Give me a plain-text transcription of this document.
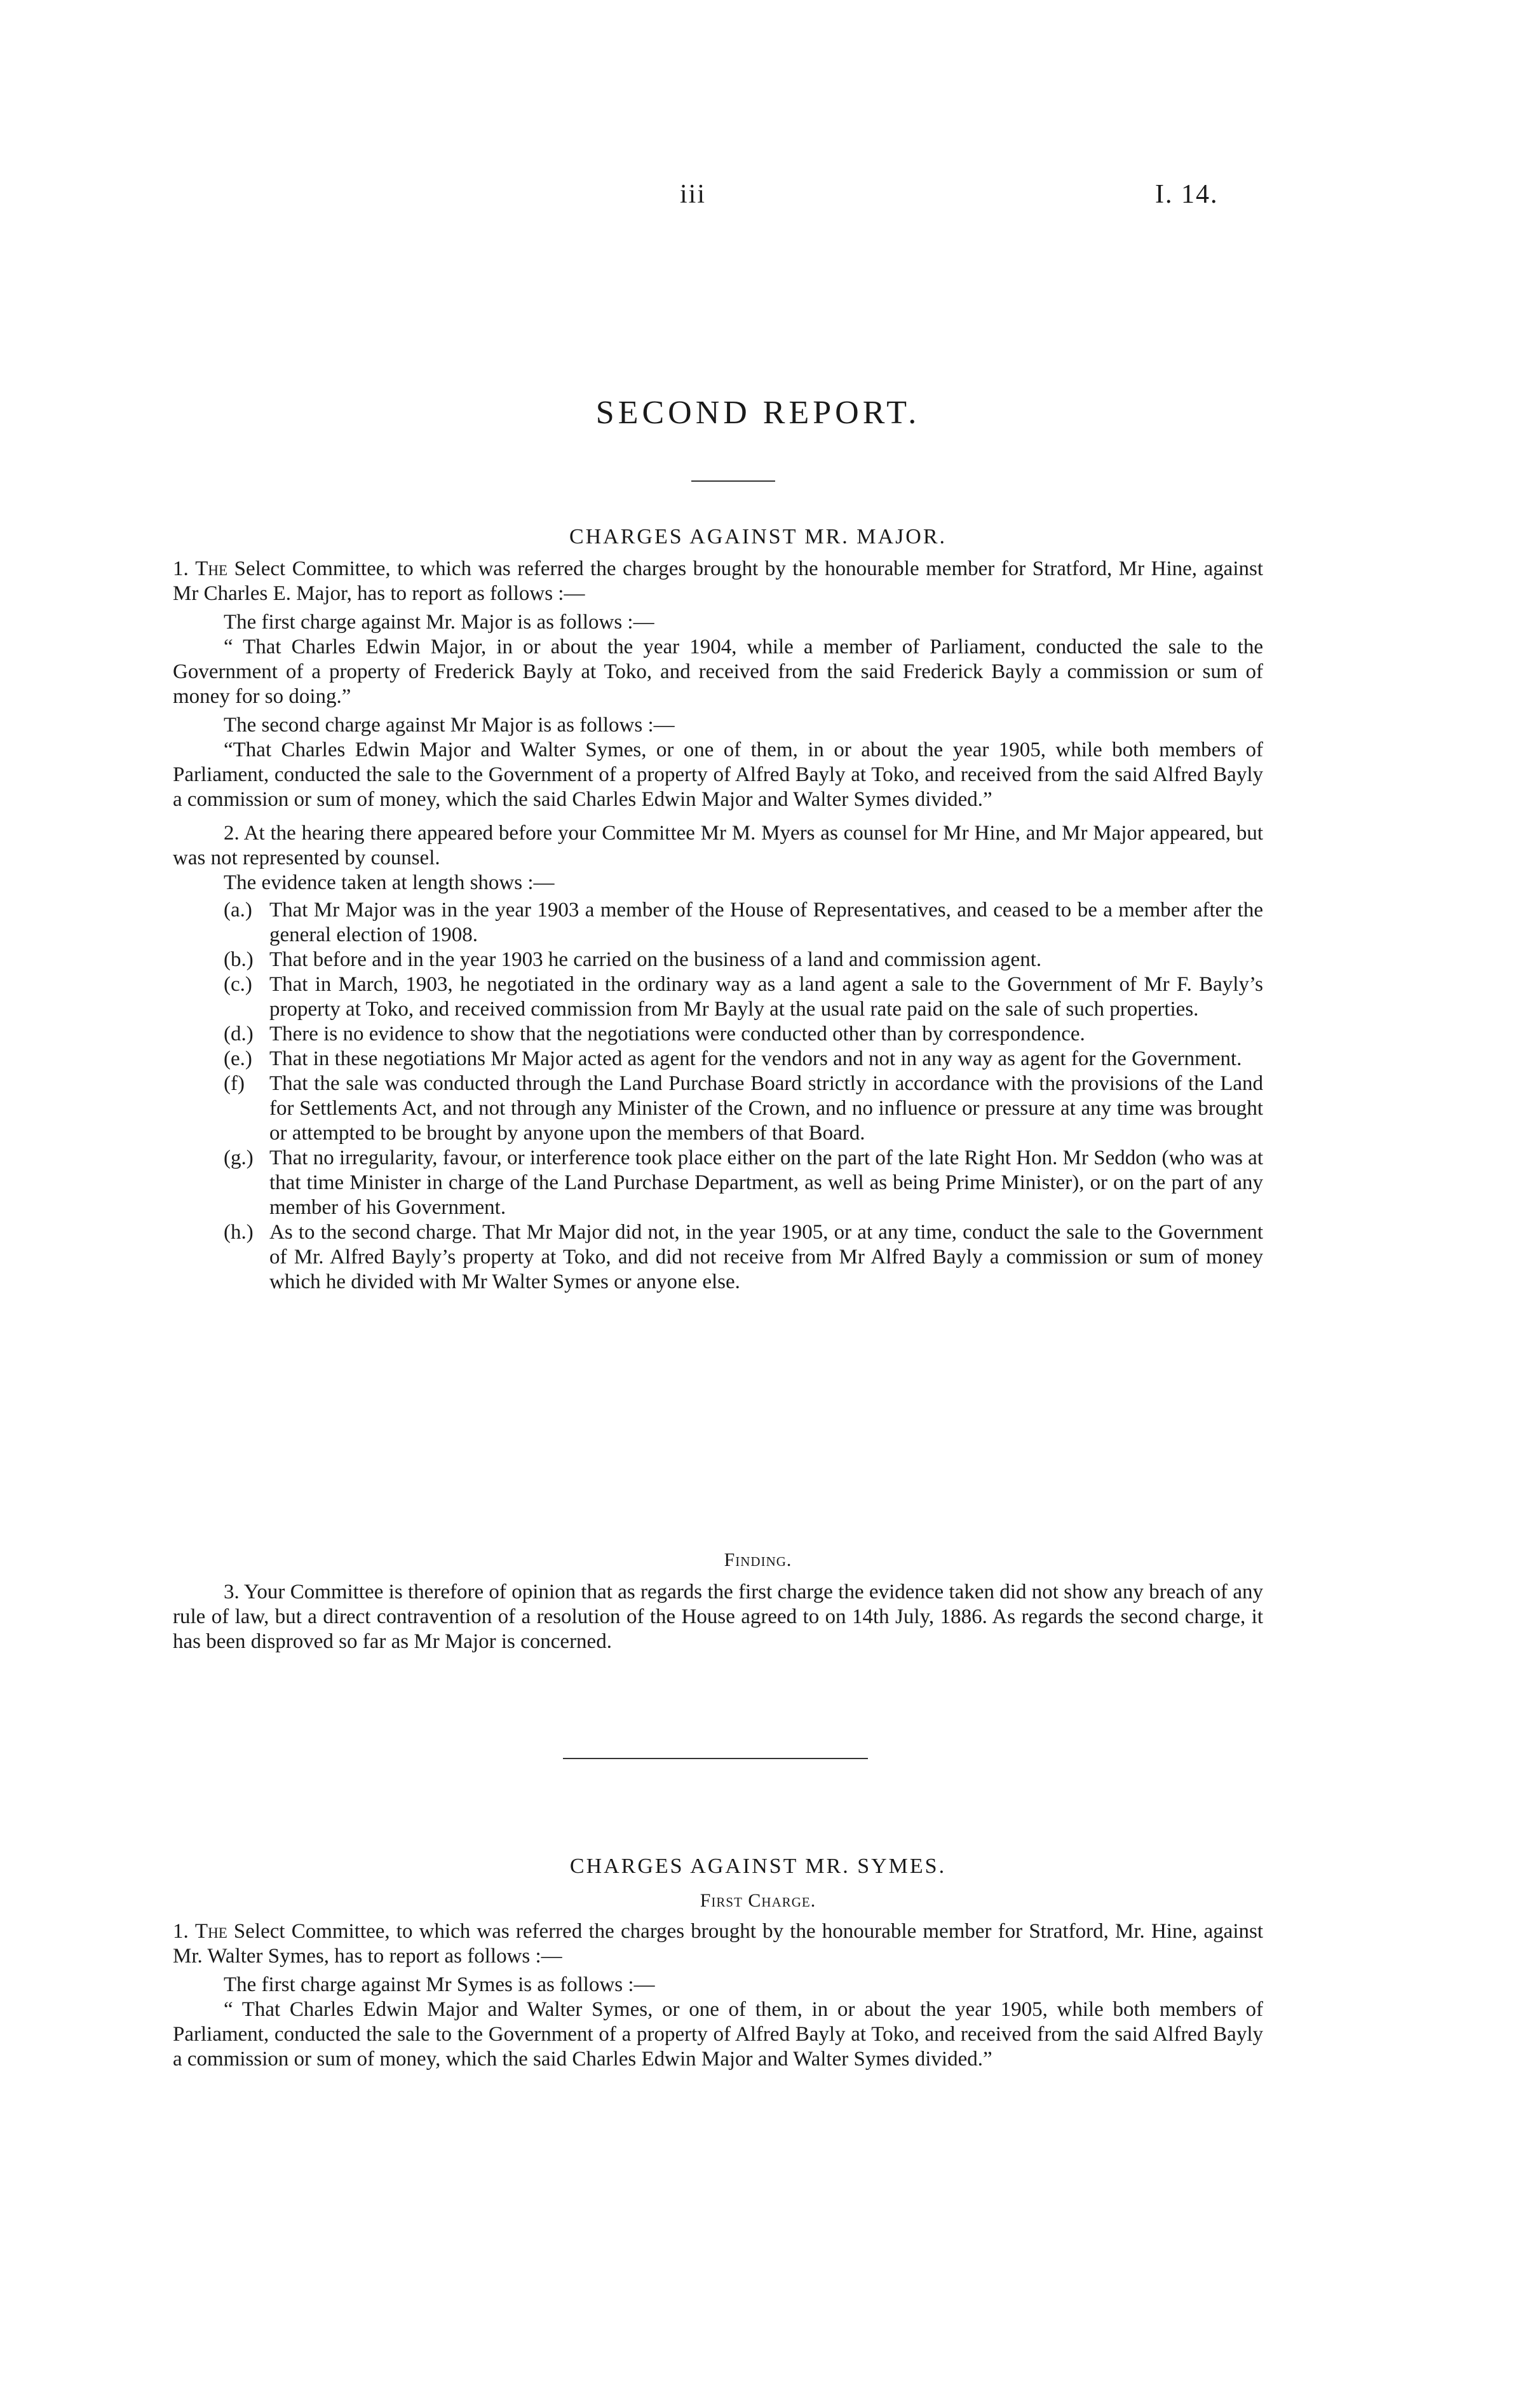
iii	I. 14.
SECOND REPORT.
CHARGES AGAINST MR. MAJOR.

1. The Select Committee, to which was referred the charges brought by the honourable member for Stratford, Mr Hine, against Mr Charles E. Major, has to report as follows :—

The first charge against Mr. Major is as follows :—

“ That Charles Edwin Major, in or about the year 1904, while a member of Parliament, conducted the sale to the Government of a property of Frederick Bayly at Toko, and received from the said Frederick Bayly a commission or sum of money for so doing.”

The second charge against Mr Major is as follows :—

“That Charles Edwin Major and Walter Symes, or one of them, in or about the year 1905, while both members of Parliament, conducted the sale to the Government of a property of Alfred Bayly at Toko, and received from the said Alfred Bayly a commission or sum of money, which the said Charles Edwin Major and Walter Symes divided.”

2. At the hearing there appeared before your Committee Mr M. Myers as counsel for Mr Hine, and Mr Major appeared, but was not represented by counsel.

The evidence taken at length shows :—

(a.) That Mr Major was in the year 1903 a member of the House of Representatives, and ceased to be a member after the general election of 1908.
(b.) That before and in the year 1903 he carried on the business of a land and commission agent.
(c.) That in March, 1903, he negotiated in the ordinary way as a land agent a sale to the Government of Mr F. Bayly’s property at Toko, and received commission from Mr Bayly at the usual rate paid on the sale of such properties.
(d.) There is no evidence to show that the negotiations were conducted other than by correspondence.
(e.) That in these negotiations Mr Major acted as agent for the vendors and not in any way as agent for the Government.
(f) That the sale was conducted through the Land Purchase Board strictly in accordance with the provisions of the Land for Settlements Act, and not through any Minister of the Crown, and no influence or pressure at any time was brought or attempted to be brought by anyone upon the members of that Board.
(g.) That no irregularity, favour, or interference took place either on the part of the late Right Hon. Mr Seddon (who was at that time Minister in charge of the Land Purchase Department, as well as being Prime Minister), or on the part of any member of his Government.
(h.) As to the second charge. That Mr Major did not, in the year 1905, or at any time, conduct the sale to the Government of Mr. Alfred Bayly’s property at Toko, and did not receive from Mr Alfred Bayly a commission or sum of money which he divided with Mr Walter Symes or anyone else.
Finding.

3. Your Committee is therefore of opinion that as regards the first charge the evidence taken did not show any breach of any rule of law, but a direct contravention of a resolution of the House agreed to on 14th July, 1886. As regards the second charge, it has been disproved so far as Mr Major is concerned.

CHARGES AGAINST MR. SYMES.
First Charge.

1. The Select Committee, to which was referred the charges brought by the honourable member for Stratford, Mr. Hine, against Mr. Walter Symes, has to report as follows :—

The first charge against Mr Symes is as follows :—

“ That Charles Edwin Major and Walter Symes, or one of them, in or about the year 1905, while both members of Parliament, conducted the sale to the Government of a property of Alfred Bayly at Toko, and received from the said Alfred Bayly a commission or sum of money, which the said Charles Edwin Major and Walter Symes divided.”
